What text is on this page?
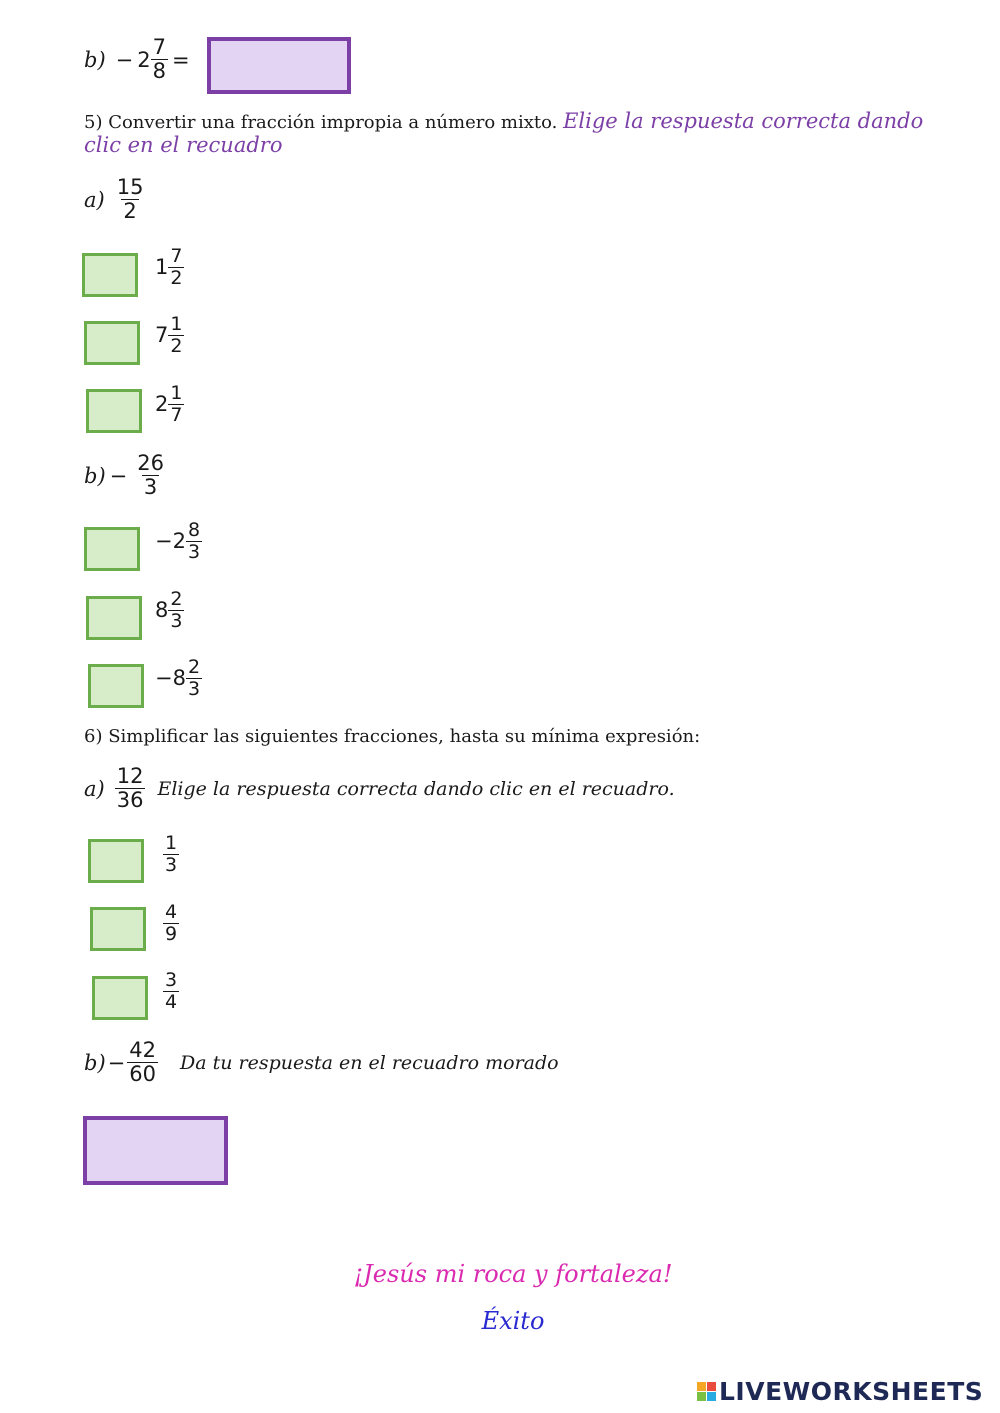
$b) - 2 \frac{7}{8}$ =
5) Convertir una fracción impropia a número mixto. Elige la respuesta correcta dando
clic en el recuadro
$a) \frac{15}{2}$
$1 \frac{7}{2}$
$7 \frac{1}{2}$
$2 \frac{1}{7}$
$b) - \frac{26}{3}$
$-2 \frac{8}{3}$
$8 \frac{2}{3}$
$-8 \frac{2}{3}$
6) Simplificar las siguientes fracciones, hasta su mínima expresión:
$a) \frac{12}{36}$ Elige la respuesta correcta dando clic en el recuadro.
$\frac{1}{3}$
$\frac{4}{9}$
$\frac{3}{4}$
$b) - \frac{42}{60}$ Da tu respuesta en el recuadro morado
¡Jesús mi roca y fortaleza!
Éxito
LIVEWORKSHEETS
